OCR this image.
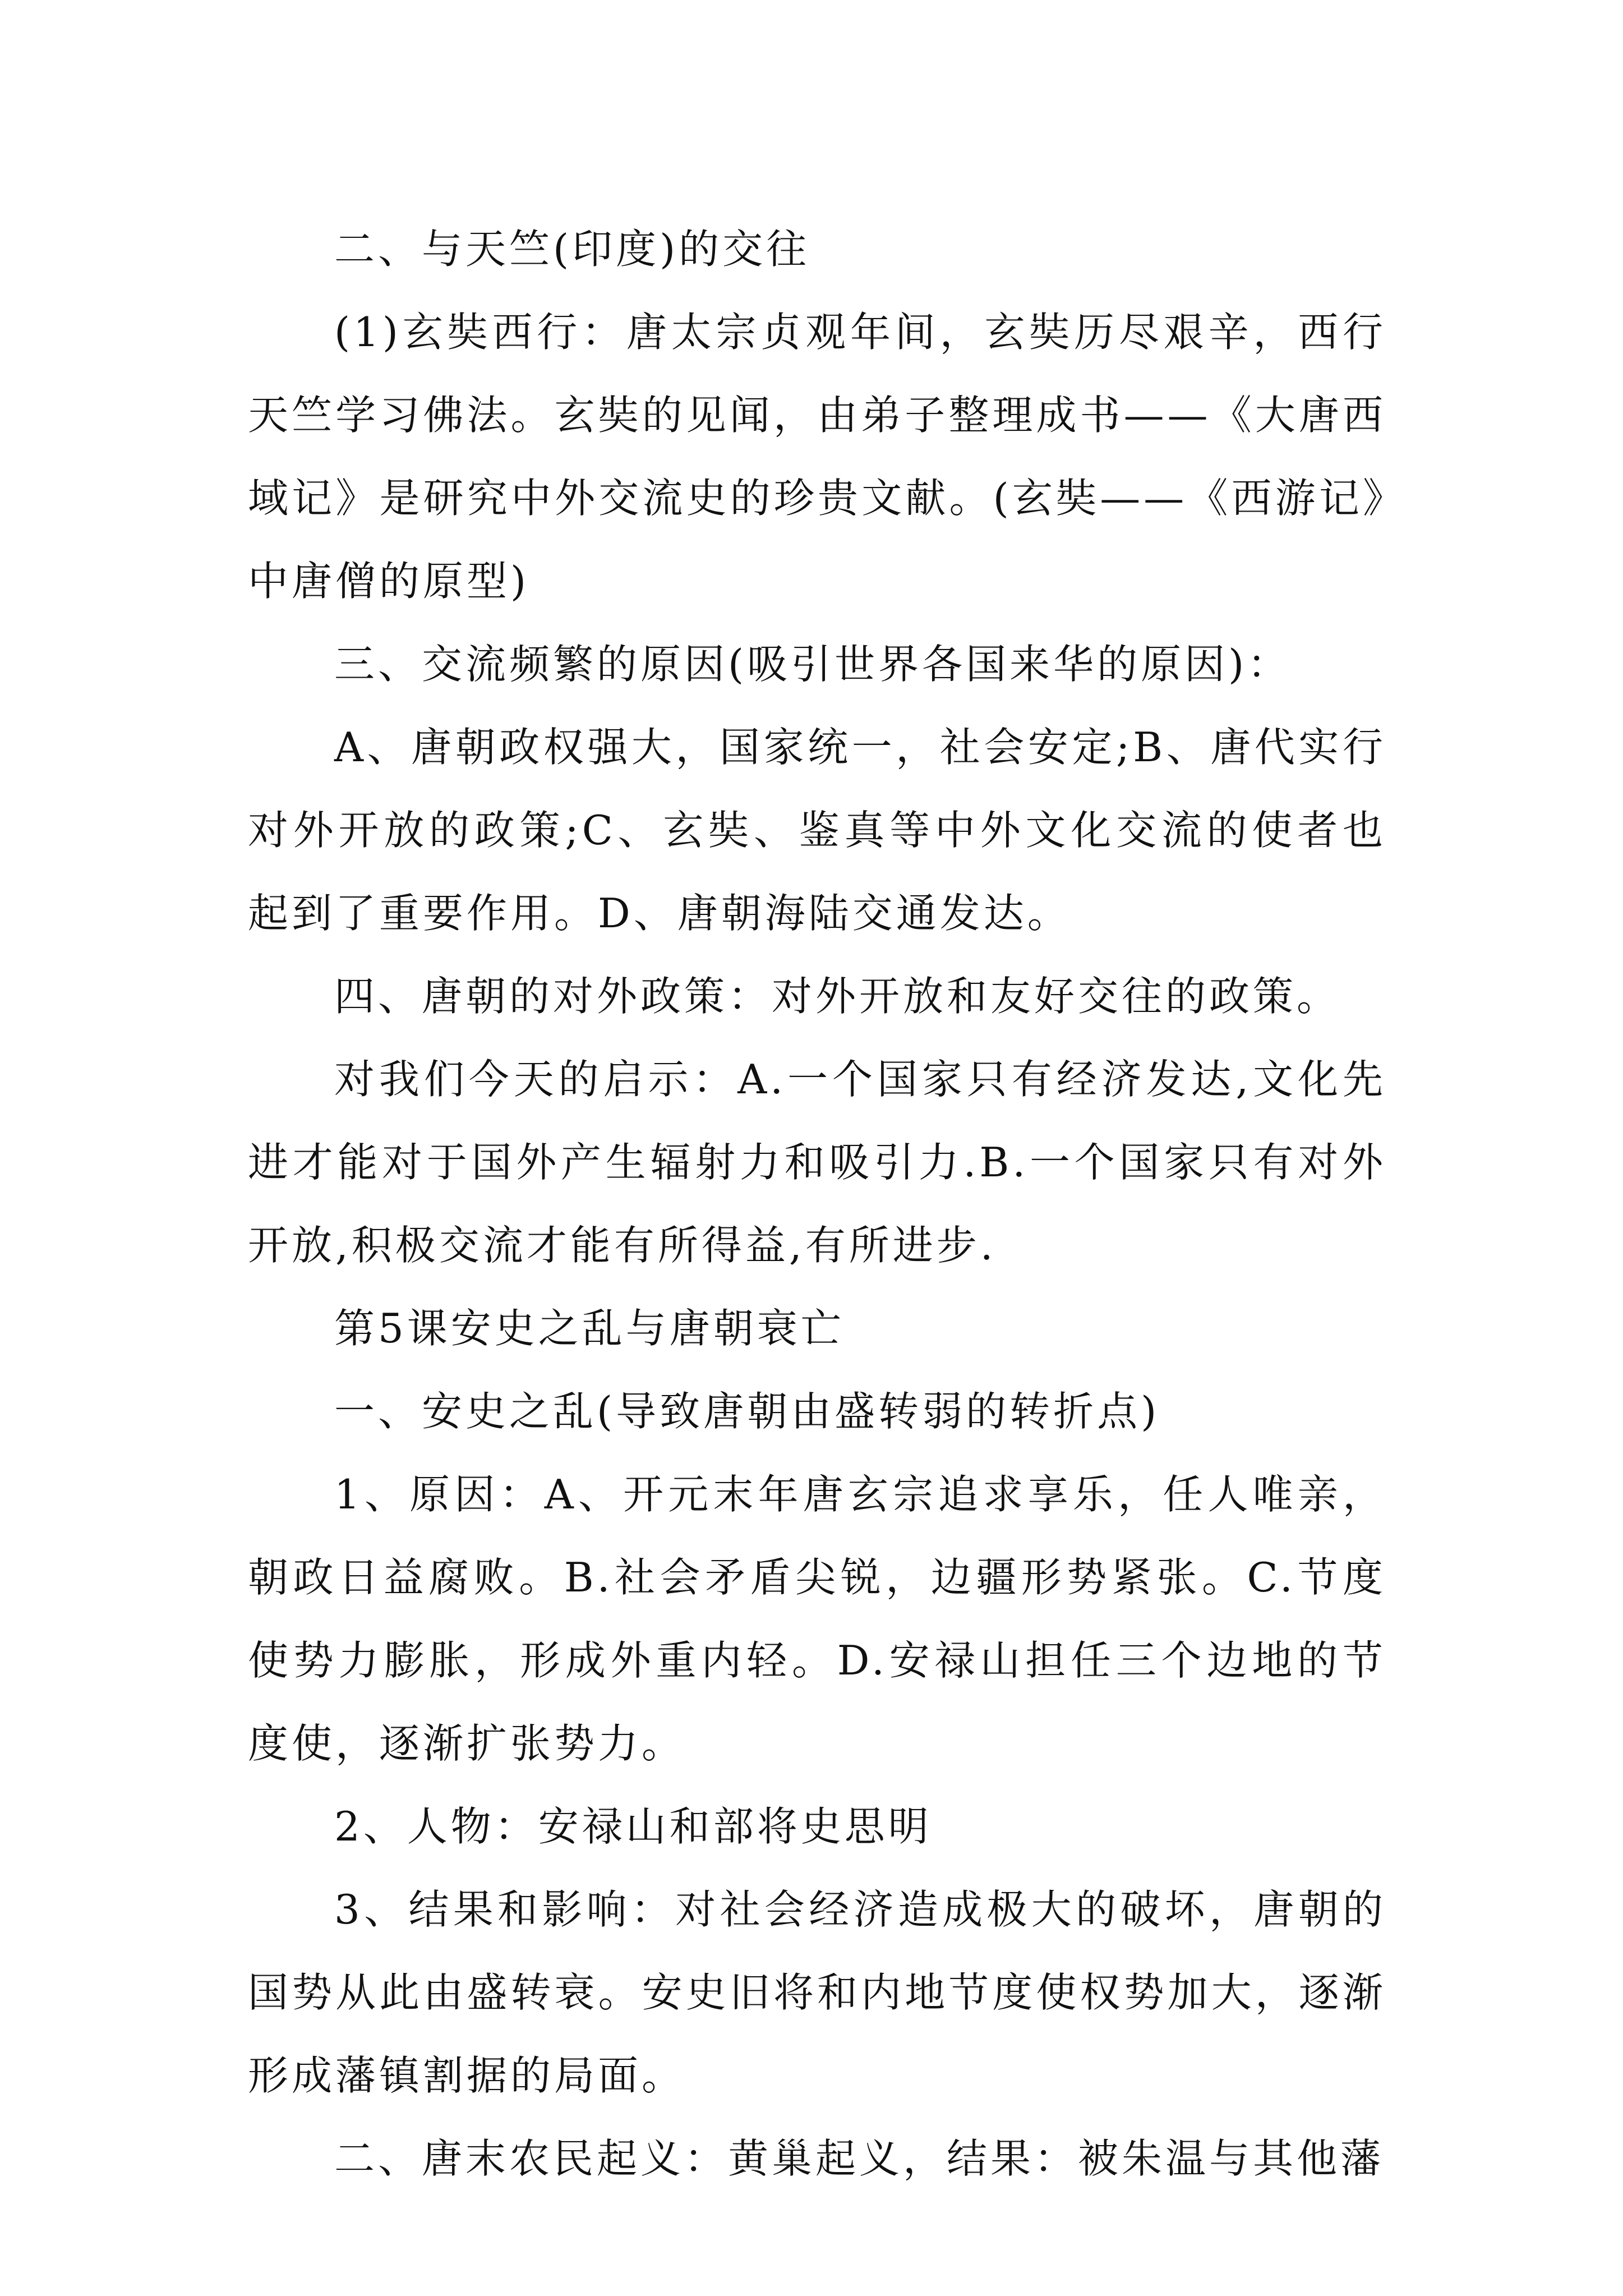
二、与天竺(印度)的交往

(1)玄奘西行：唐太宗贞观年间，玄奘历尽艰辛，西行天竺学习佛法。玄奘的见闻，由弟子整理成书——《大唐西域记》是研究中外交流史的珍贵文献。(玄奘——《西游记》中唐僧的原型)

三、交流频繁的原因(吸引世界各国来华的原因)：

A、唐朝政权强大，国家统一，社会安定;B、唐代实行对外开放的政策;C、玄奘、鉴真等中外文化交流的使者也起到了重要作用。D、唐朝海陆交通发达。

四、唐朝的对外政策：对外开放和友好交往的政策。

对我们今天的启示：A.一个国家只有经济发达,文化先进才能对于国外产生辐射力和吸引力.B.一个国家只有对外开放,积极交流才能有所得益,有所进步.

第5课安史之乱与唐朝衰亡

一、安史之乱(导致唐朝由盛转弱的转折点)

1、原因：A、开元末年唐玄宗追求享乐，任人唯亲，朝政日益腐败。B.社会矛盾尖锐，边疆形势紧张。C.节度使势力膨胀，形成外重内轻。D.安禄山担任三个边地的节度使，逐渐扩张势力。

2、人物：安禄山和部将史思明

3、结果和影响：对社会经济造成极大的破坏，唐朝的国势从此由盛转衰。安史旧将和内地节度使权势加大，逐渐形成藩镇割据的局面。

二、唐末农民起义：黄巢起义，结果：被朱温与其他藩
